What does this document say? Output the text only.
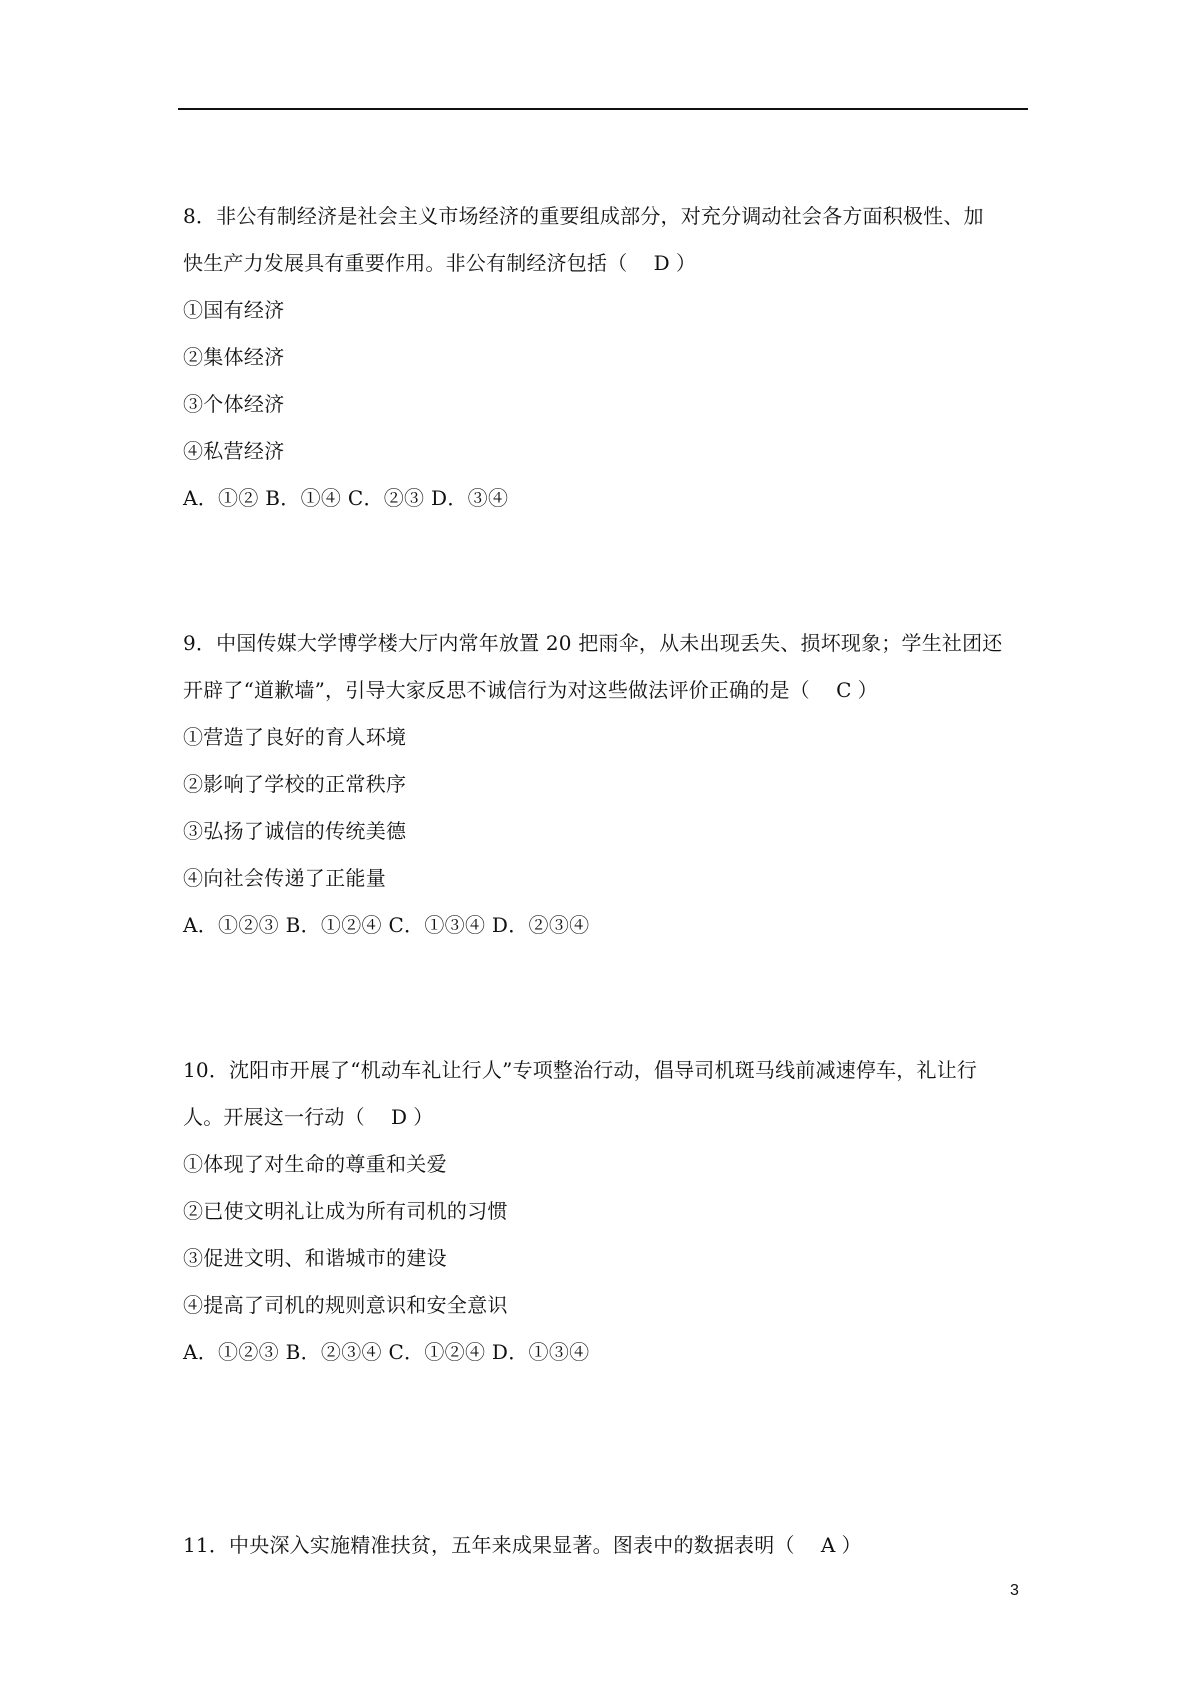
8．非公有制经济是社会主义市场经济的重要组成部分，对充分调动社会各方面积极性、加
快生产力发展具有重要作用。非公有制经济包括（　D ）
①国有经济
②集体经济
③个体经济
④私营经济
A．①② B．①④ C．②③ D．③④
9．中国传媒大学博学楼大厅内常年放置 20 把雨伞，从未出现丢失、损坏现象；学生社团还
开辟了“道歉墙”，引导大家反思不诚信行为对这些做法评价正确的是（　C ）
①营造了良好的育人环境
②影响了学校的正常秩序
③弘扬了诚信的传统美德
④向社会传递了正能量
A．①②③ B．①②④ C．①③④ D．②③④
10．沈阳市开展了“机动车礼让行人”专项整治行动，倡导司机斑马线前减速停车，礼让行
人。开展这一行动（　D ）
①体现了对生命的尊重和关爱
②已使文明礼让成为所有司机的习惯
③促进文明、和谐城市的建设
④提高了司机的规则意识和安全意识
A．①②③ B．②③④ C．①②④ D．①③④
11．中央深入实施精准扶贫，五年来成果显著。图表中的数据表明（　A ）
3
